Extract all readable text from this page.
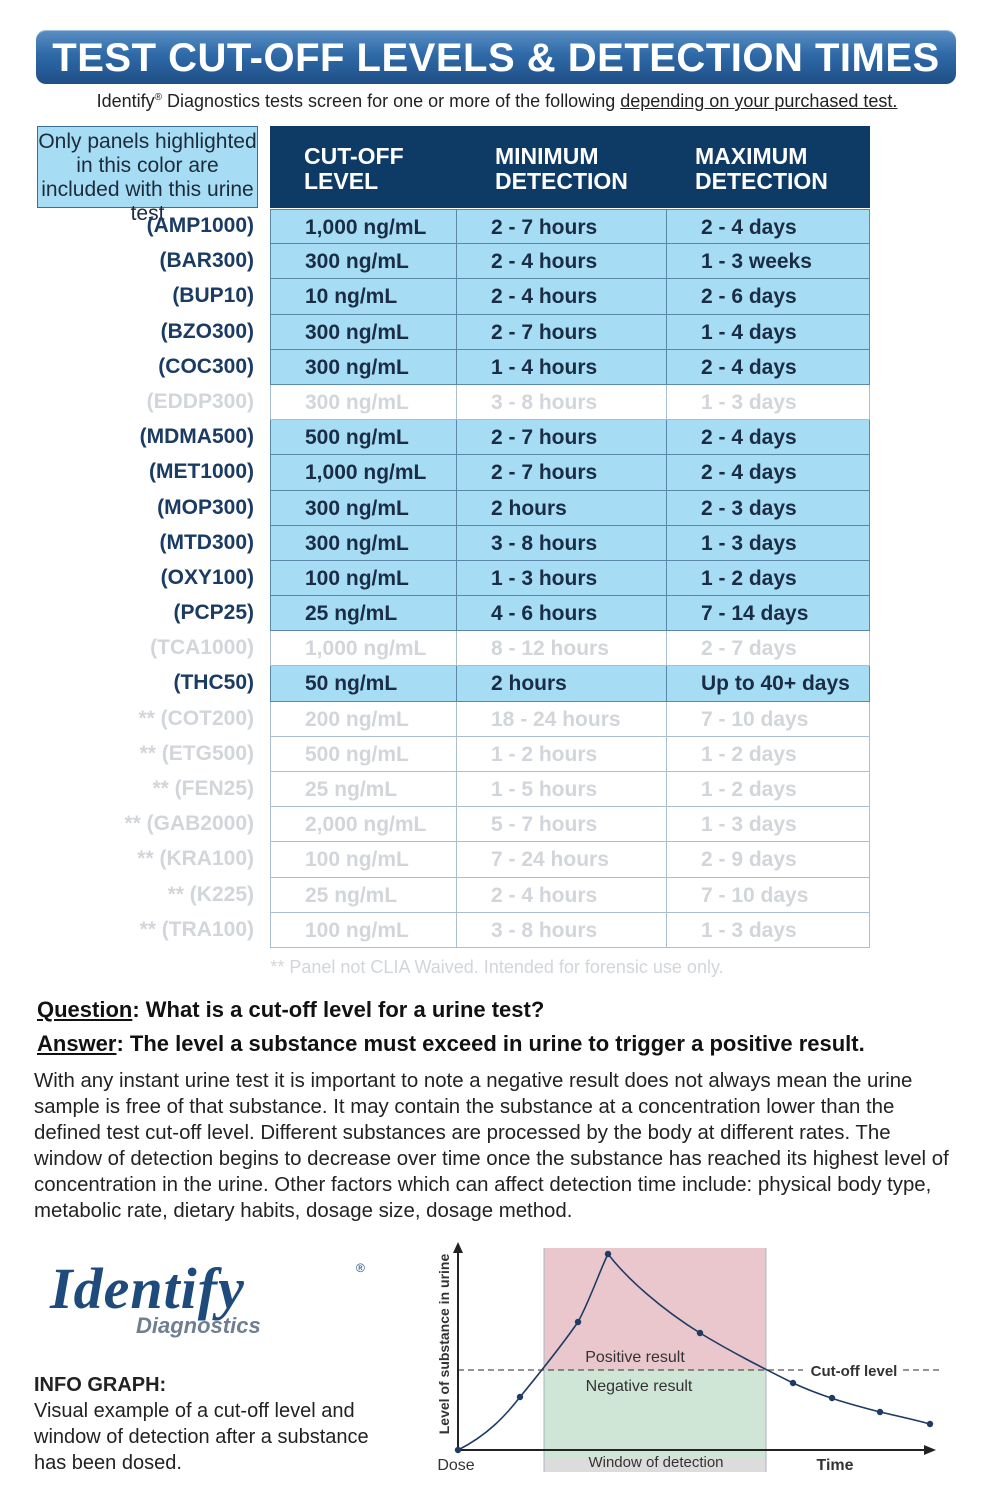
TEST CUT-OFF LEVELS & DETECTION TIMES
Identify® Diagnostics tests screen for one or more of the following depending on your purchased test.
Only panels highlighted in this color are included with this urine test
CUT-OFF LEVEL
MINIMUM DETECTION
MAXIMUM DETECTION
(AMP1000)	1,000 ng/mL	2 - 7 hours	2 - 4 days
(BAR300)	300 ng/mL	2 - 4 hours	1 - 3 weeks
(BUP10)	10 ng/mL	2 - 4 hours	2 - 6 days
(BZO300)	300 ng/mL	2 - 7 hours	1 - 4 days
(COC300)	300 ng/mL	1 - 4 hours	2 - 4 days
(EDDP300)	300 ng/mL	3 - 8 hours	1 - 3 days
(MDMA500)	500 ng/mL	2 - 7 hours	2 - 4 days
(MET1000)	1,000 ng/mL	2 - 7 hours	2 - 4 days
(MOP300)	300 ng/mL	2 hours	2 - 3 days
(MTD300)	300 ng/mL	3 - 8 hours	1 - 3 days
(OXY100)	100 ng/mL	1 - 3 hours	1 - 2 days
(PCP25)	25 ng/mL	4 - 6 hours	7 - 14 days
(TCA1000)	1,000 ng/mL	8 - 12 hours	2 - 7 days
(THC50)	50 ng/mL	2 hours	Up to 40+ days
** (COT200)	200 ng/mL	18 - 24 hours	7 - 10 days
** (ETG500)	500 ng/mL	1 - 2 hours	1 - 2 days
** (FEN25)	25 ng/mL	1 - 5 hours	1 - 2 days
** (GAB2000)	2,000 ng/mL	5 - 7 hours	1 - 3 days
** (KRA100)	100 ng/mL	7 - 24 hours	2 - 9 days
** (K225)	25 ng/mL	2 - 4 hours	7 - 10 days
** (TRA100)	100 ng/mL	3 - 8 hours	1 - 3 days
** Panel not CLIA Waived. Intended for forensic use only.
Question: What is a cut-off level for a urine test?
Answer: The level a substance must exceed in urine to trigger a positive result.
With any instant urine test it is important to note a negative result does not always mean the urine sample is free of that substance. It may contain the substance at a concentration lower than the defined test cut-off level. Different substances are processed by the body at different rates. The window of detection begins to decrease over time once the substance has reached its highest level of concentration in the urine. Other factors which can affect detection time include: physical body type, metabolic rate, dietary habits, dosage size, dosage method.
Identify	®
Diagnostics
INFO GRAPH:
Visual example of a cut-off level and window of detection after a substance has been dosed.
Positive result
Negative result
Cut-off level
Window of detection
Dose	Time
Level of substance in urine
